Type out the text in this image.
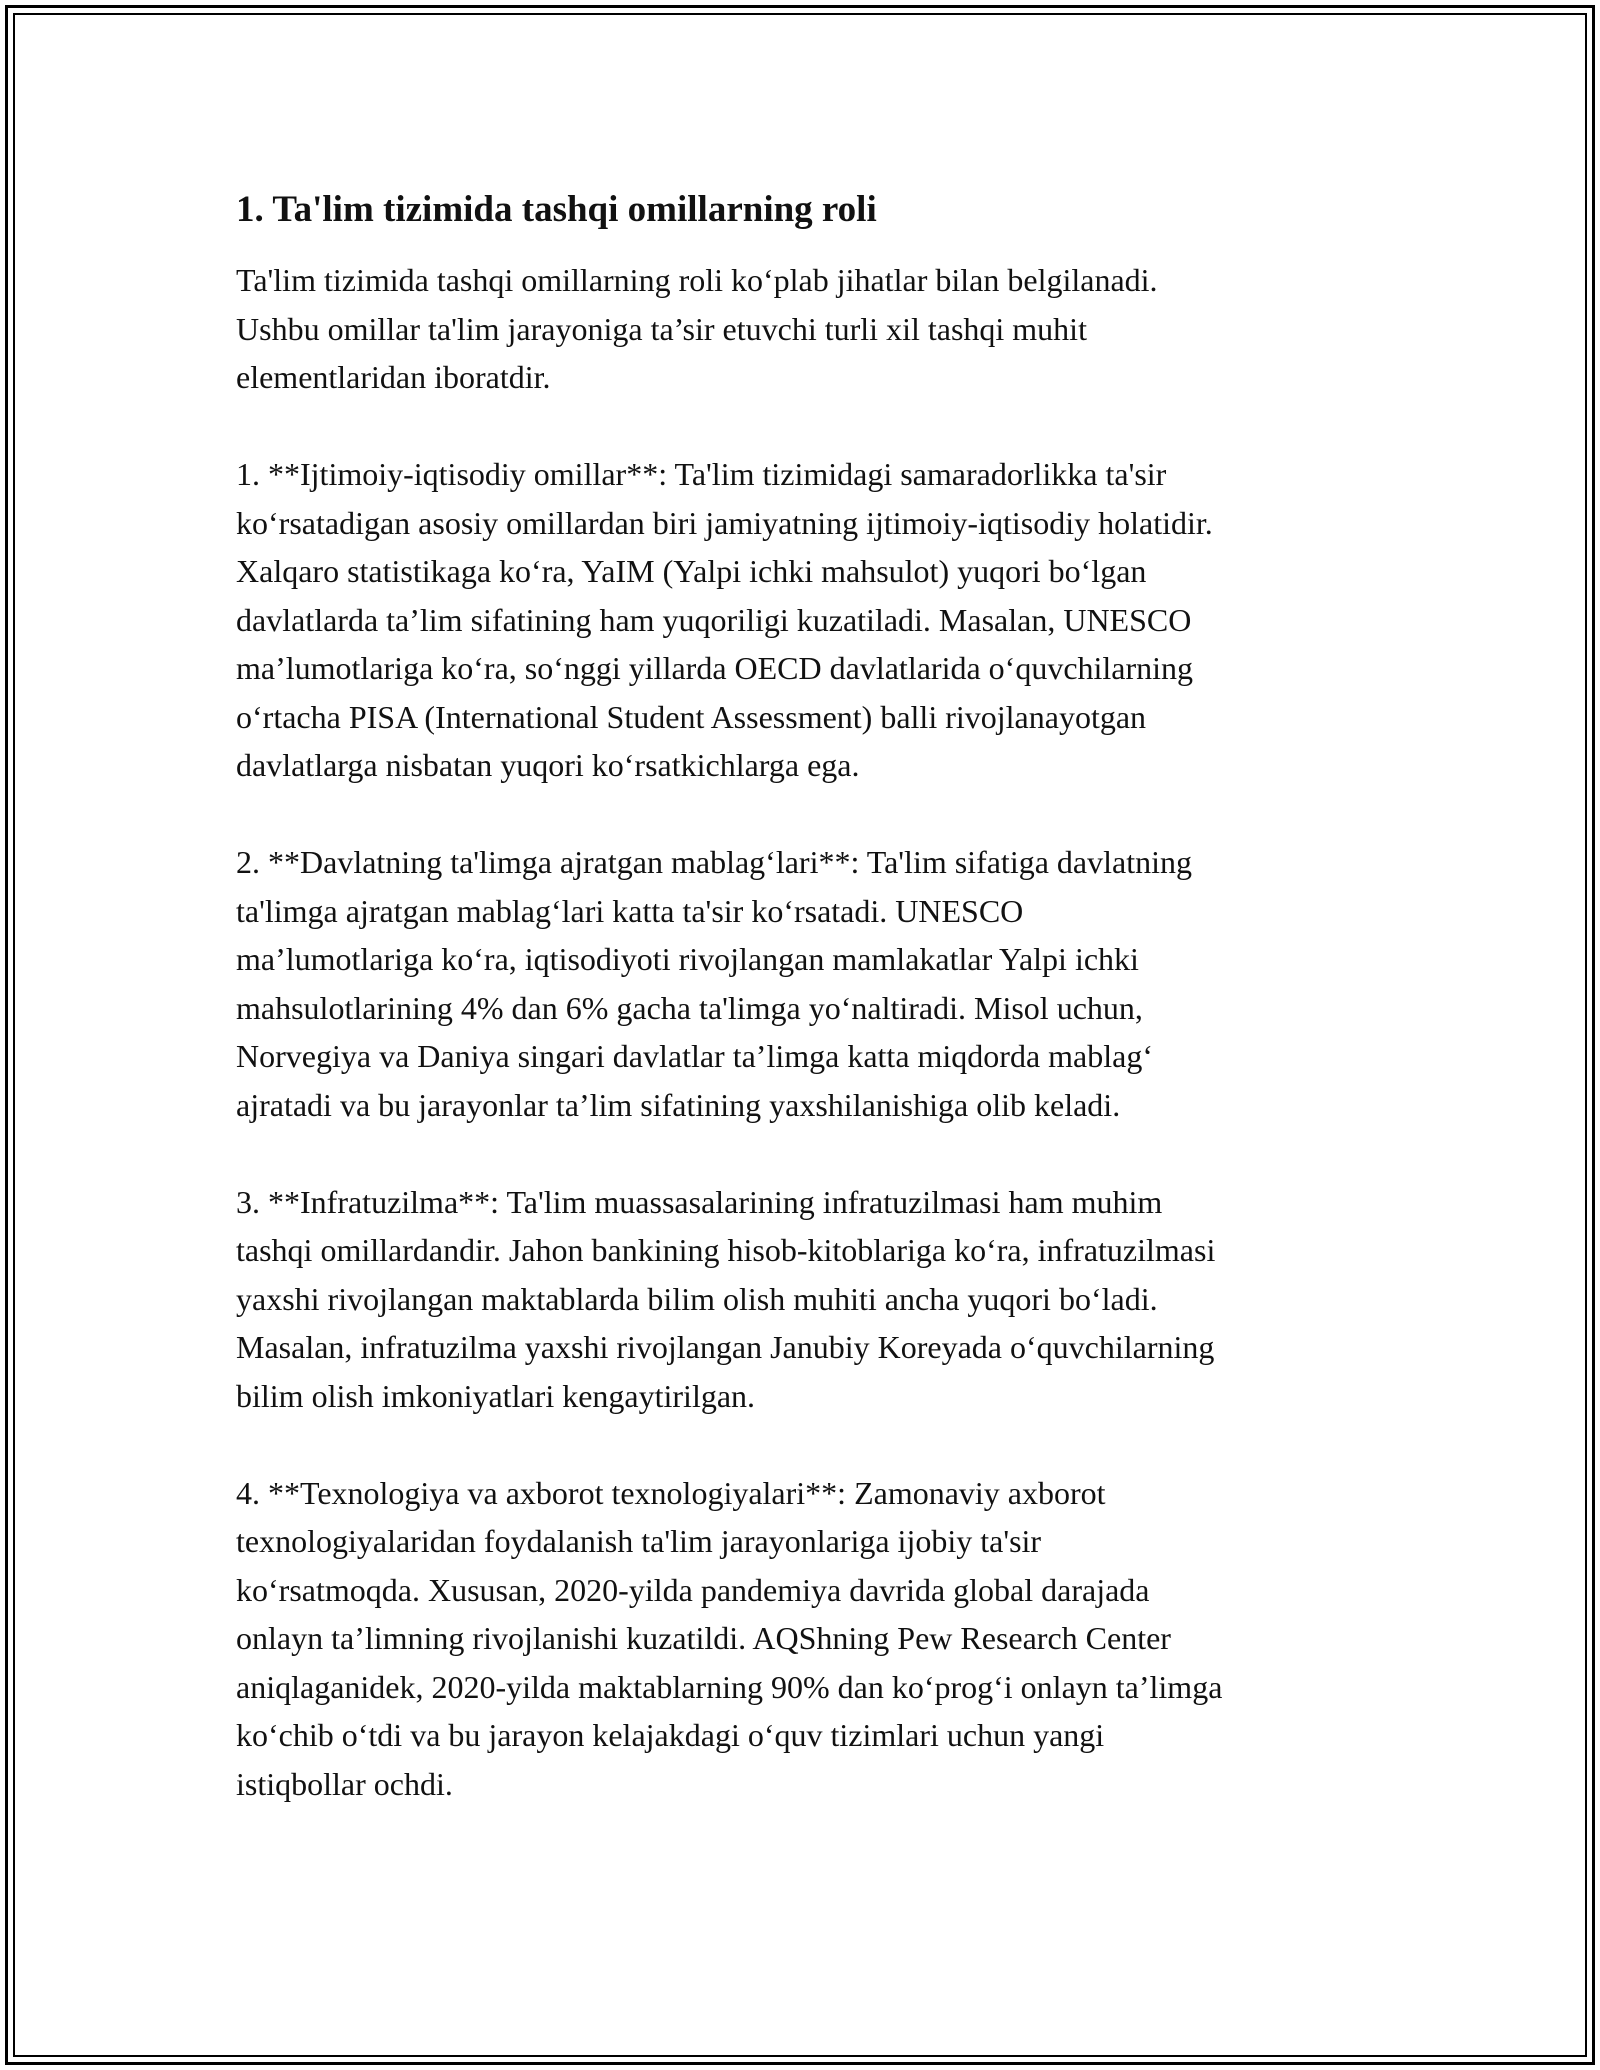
1. Ta'lim tizimida tashqi omillarning roli

Ta'lim tizimida tashqi omillarning roli ko‘plab jihatlar bilan belgilanadi.
Ushbu omillar ta'lim jarayoniga ta’sir etuvchi turli xil tashqi muhit
elementlaridan iboratdir.

1. **Ijtimoiy-iqtisodiy omillar**: Ta'lim tizimidagi samaradorlikka ta'sir
ko‘rsatadigan asosiy omillardan biri jamiyatning ijtimoiy-iqtisodiy holatidir.
Xalqaro statistikaga ko‘ra, YaIM (Yalpi ichki mahsulot) yuqori bo‘lgan
davlatlarda ta’lim sifatining ham yuqoriligi kuzatiladi. Masalan, UNESCO
ma’lumotlariga ko‘ra, so‘nggi yillarda OECD davlatlarida o‘quvchilarning
o‘rtacha PISA (International Student Assessment) balli rivojlanayotgan
davlatlarga nisbatan yuqori ko‘rsatkichlarga ega.

2. **Davlatning ta'limga ajratgan mablag‘lari**: Ta'lim sifatiga davlatning
ta'limga ajratgan mablag‘lari katta ta'sir ko‘rsatadi. UNESCO
ma’lumotlariga ko‘ra, iqtisodiyoti rivojlangan mamlakatlar Yalpi ichki
mahsulotlarining 4% dan 6% gacha ta'limga yo‘naltiradi. Misol uchun,
Norvegiya va Daniya singari davlatlar ta’limga katta miqdorda mablag‘
ajratadi va bu jarayonlar ta’lim sifatining yaxshilanishiga olib keladi.

3. **Infratuzilma**: Ta'lim muassasalarining infratuzilmasi ham muhim
tashqi omillardandir. Jahon bankining hisob-kitoblariga ko‘ra, infratuzilmasi
yaxshi rivojlangan maktablarda bilim olish muhiti ancha yuqori bo‘ladi.
Masalan, infratuzilma yaxshi rivojlangan Janubiy Koreyada o‘quvchilarning
bilim olish imkoniyatlari kengaytirilgan.

4. **Texnologiya va axborot texnologiyalari**: Zamonaviy axborot
texnologiyalaridan foydalanish ta'lim jarayonlariga ijobiy ta'sir
ko‘rsatmoqda. Xususan, 2020-yilda pandemiya davrida global darajada
onlayn ta’limning rivojlanishi kuzatildi. AQShning Pew Research Center
aniqlaganidek, 2020-yilda maktablarning 90% dan ko‘prog‘i onlayn ta’limga
ko‘chib o‘tdi va bu jarayon kelajakdagi o‘quv tizimlari uchun yangi
istiqbollar ochdi.
